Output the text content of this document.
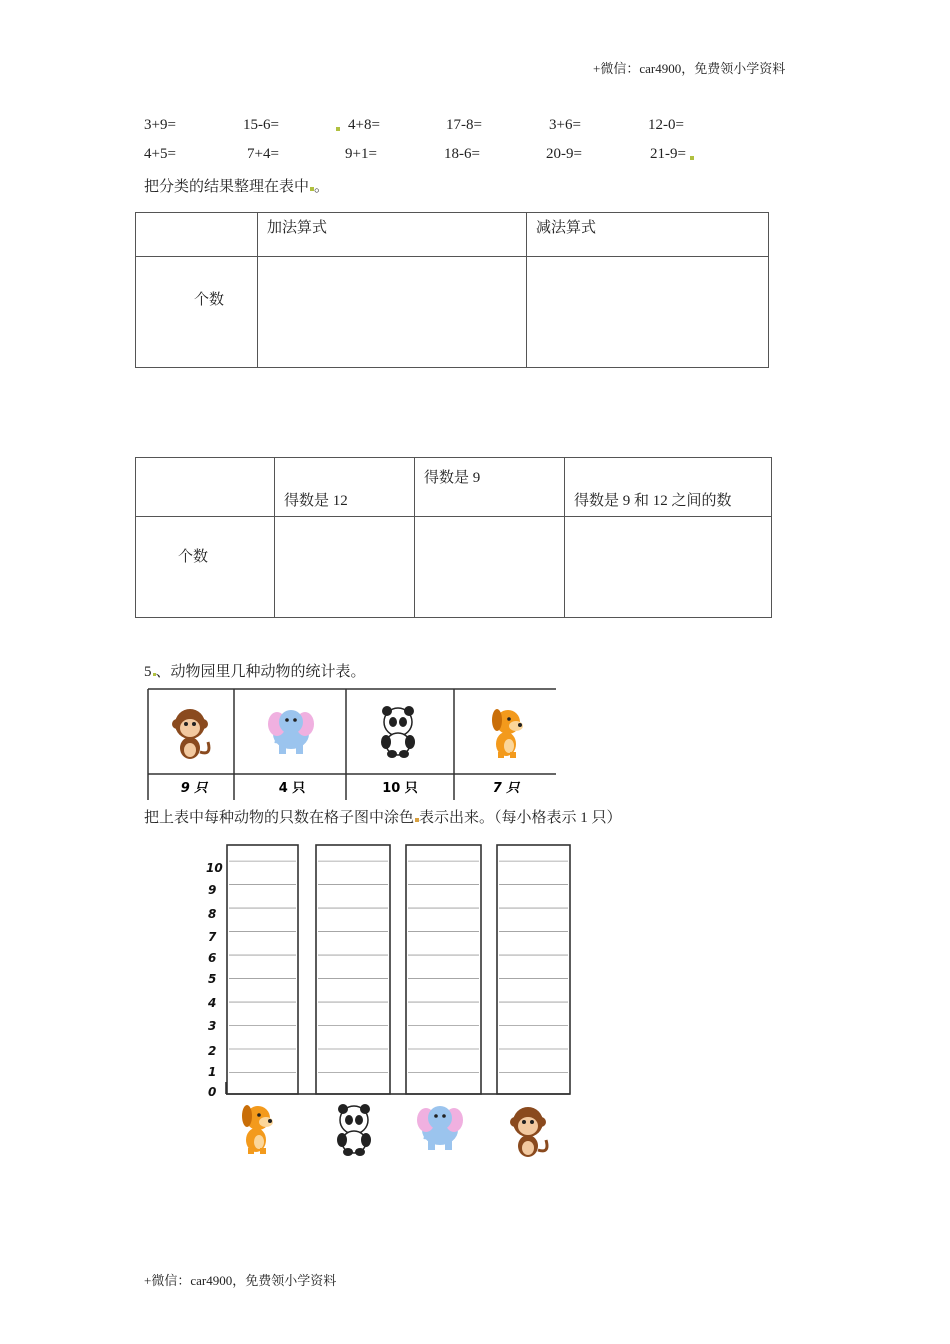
+微信：car4900，免费领小学资料
3+9=	15-6=	4+8=	17-8=	3+6=	12-0=
4+5=	7+4=	9+1=	18-6=	20-9=	21-9=
把分类的结果整理在表中 。

	加法算式	减法算式

个数		

	得数是 12	得数是 9	得数是 9 和 12 之间的数

个数			

5 、动物园里几种动物的统计表。
9 只	4 只	10 只	7 只
把上表中每种动物的只数在格子图中涂色 表示出来。（每小格表示 1 只）
10
9
8
7
6
5
4
3
2
1
0
+微信：car4900，免费领小学资料
